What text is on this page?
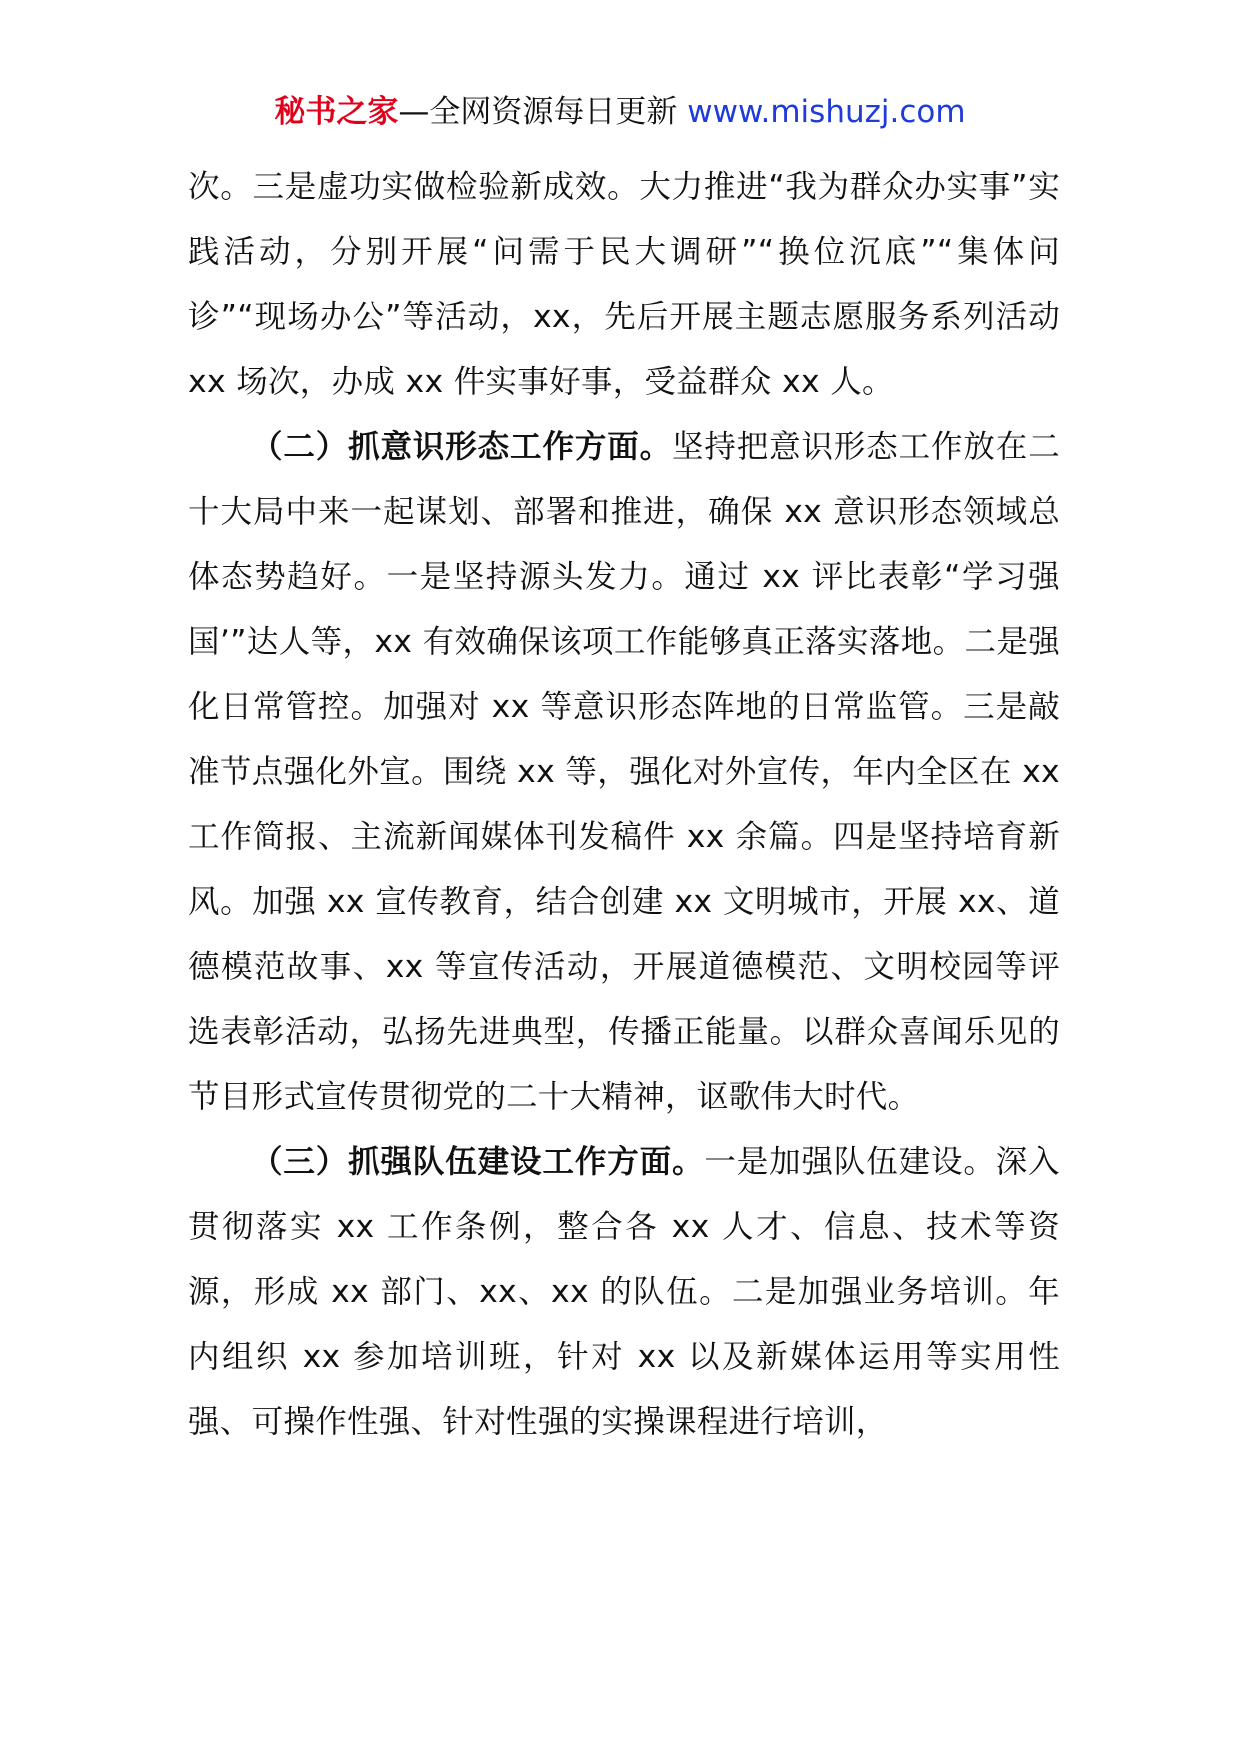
秘书之家—全网资源每日更新 www.mishuzj.com

次。三是虚功实做检验新成效。大力推进“我为群众办实事”实践活动，分别开展“问需于民大调研”“换位沉底”“集体问诊”“现场办公”等活动，xx，先后开展主题志愿服务系列活动 xx 场次，办成 xx 件实事好事，受益群众 xx 人。

（二）抓意识形态工作方面。坚持把意识形态工作放在二十大局中来一起谋划、部署和推进，确保 xx 意识形态领域总体态势趋好。一是坚持源头发力。通过 xx 评比表彰“学习强国’”达人等，xx 有效确保该项工作能够真正落实落地。二是强化日常管控。加强对 xx 等意识形态阵地的日常监管。三是敲准节点强化外宣。围绕 xx 等，强化对外宣传，年内全区在 xx 工作简报、主流新闻媒体刊发稿件 xx 余篇。四是坚持培育新风。加强 xx 宣传教育，结合创建 xx 文明城市，开展 xx、道德模范故事、xx 等宣传活动，开展道德模范、文明校园等评选表彰活动，弘扬先进典型，传播正能量。以群众喜闻乐见的节目形式宣传贯彻党的二十大精神，讴歌伟大时代。

（三）抓强队伍建设工作方面。一是加强队伍建设。深入贯彻落实 xx 工作条例，整合各 xx 人才、信息、技术等资源，形成 xx 部门、xx、xx 的队伍。二是加强业务培训。年内组织 xx 参加培训班，针对 xx 以及新媒体运用等实用性强、可操作性强、针对性强的实操课程进行培训，
